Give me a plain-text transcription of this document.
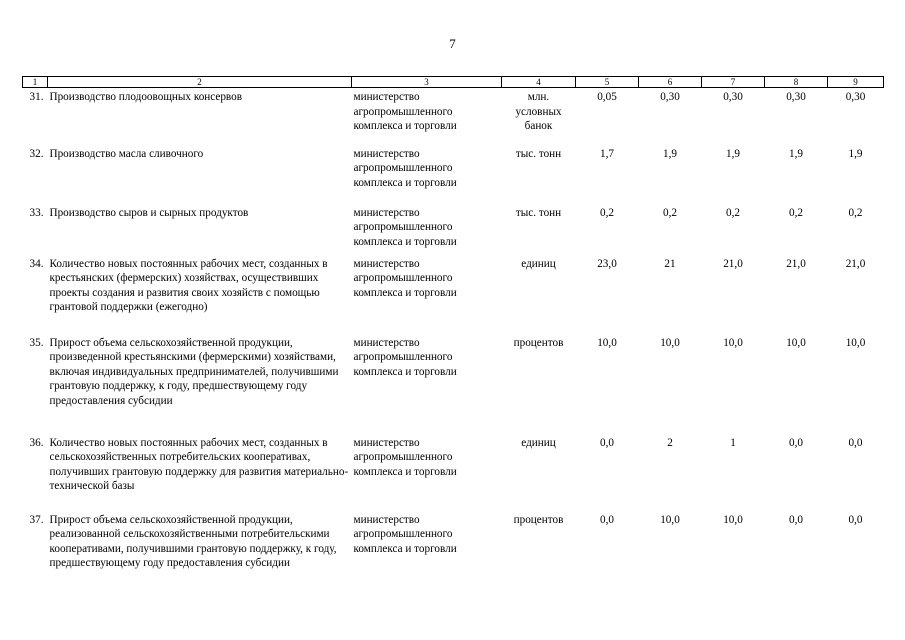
7
1	2	3	4	5	6	7	8	9
31.	Производство плодоовощных консервов	министерство агропромышленного комплекса и торговли	млн. условных банок	0,05	0,30	0,30	0,30	0,30
32.	Производство масла сливочного	министерство агропромышленного комплекса и торговли	тыс. тонн	1,7	1,9	1,9	1,9	1,9
33.	Производство сыров и сырных продуктов	министерство агропромышленного комплекса и торговли	тыс. тонн	0,2	0,2	0,2	0,2	0,2
34.	Количество новых постоянных рабочих мест, созданных в крестьянских (фермерских) хозяйствах, осуществивших проекты создания и развития своих хозяйств с помощью грантовой поддержки (ежегодно)	министерство агропромышленного комплекса и торговли	единиц	23,0	21	21,0	21,0	21,0
35.	Прирост объема сельскохозяйственной продукции, произведенной крестьянскими (фермерскими) хозяйствами, включая индивидуальных предпринимателей, получившими грантовую поддержку, к году, предшествующему году предоставления субсидии	министерство агропромышленного комплекса и торговли	процентов	10,0	10,0	10,0	10,0	10,0
36.	Количество новых постоянных рабочих мест, созданных в сельскохозяйственных потребительских кооперативах, получивших грантовую поддержку для развития материально-технической базы	министерство агропромышленного комплекса и торговли	единиц	0,0	2	1	0,0	0,0
37.	Прирост объема сельскохозяйственной продукции, реализованной сельскохозяйственными потребительскими кооперативами, получившими грантовую поддержку, к году, предшествующему году предоставления субсидии	министерство агропромышленного комплекса и торговли	процентов	0,0	10,0	10,0	0,0	0,0
